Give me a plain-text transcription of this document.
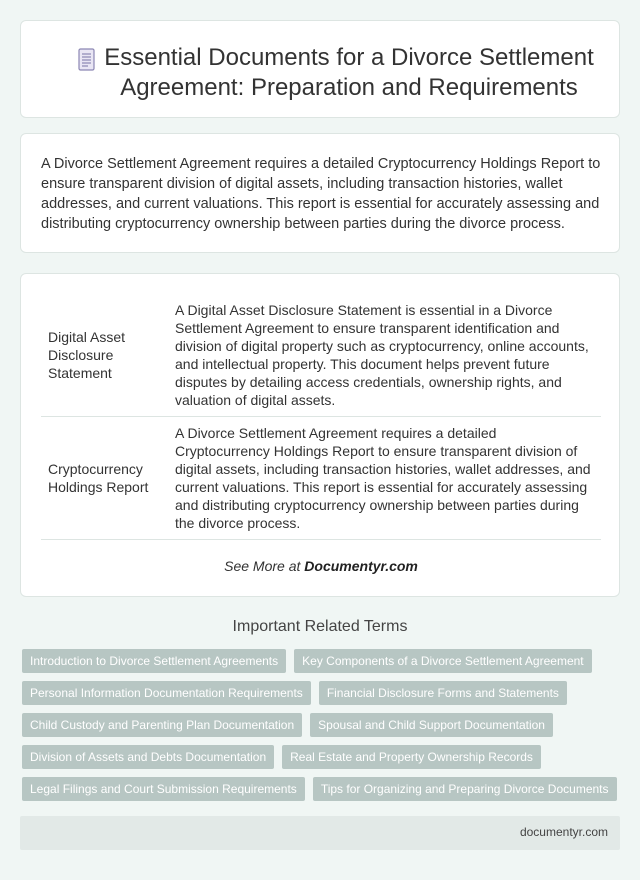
Essential Documents for a Divorce Settlement Agreement: Preparation and Requirements

A Divorce Settlement Agreement requires a detailed Cryptocurrency Holdings Report to ensure transparent division of digital assets, including transaction histories, wallet addresses, and current valuations. This report is essential for accurately assessing and distributing cryptocurrency ownership between parties during the divorce process.

Digital Asset Disclosure Statement	A Digital Asset Disclosure Statement is essential in a Divorce Settlement Agreement to ensure transparent identification and division of digital property such as cryptocurrency, online accounts, and intellectual property. This document helps prevent future disputes by detailing access credentials, ownership rights, and valuation of digital assets.
Cryptocurrency Holdings Report	A Divorce Settlement Agreement requires a detailed Cryptocurrency Holdings Report to ensure transparent division of digital assets, including transaction histories, wallet addresses, and current valuations. This report is essential for accurately assessing and distributing cryptocurrency ownership between parties during the divorce process.
See More at Documentyr.com
Important Related Terms
Introduction to Divorce Settlement Agreements	Key Components of a Divorce Settlement Agreement
Personal Information Documentation Requirements	Financial Disclosure Forms and Statements
Child Custody and Parenting Plan Documentation	Spousal and Child Support Documentation
Division of Assets and Debts Documentation	Real Estate and Property Ownership Records
Legal Filings and Court Submission Requirements	Tips for Organizing and Preparing Divorce Documents
documentyr.com
